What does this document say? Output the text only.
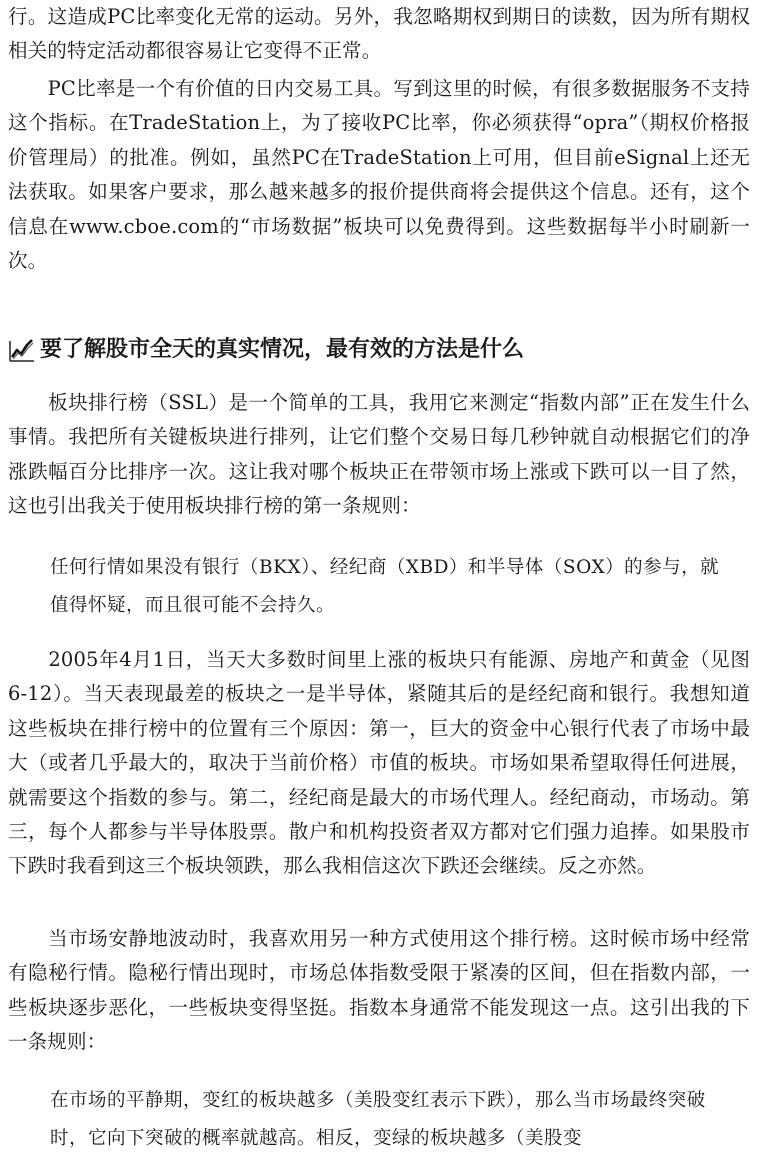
行。这造成PC比率变化无常的运动。另外，我忽略期权到期日的读数，因为所有期权相关的特定活动都很容易让它变得不正常。

　　PC比率是一个有价值的日内交易工具。写到这里的时候，有很多数据服务不支持这个指标。在TradeStation上，为了接收PC比率，你必须获得“opra”（期权价格报价管理局）的批准。例如，虽然PC在TradeStation上可用，但目前eSignal上还无法获取。如果客户要求，那么越来越多的报价提供商将会提供这个信息。还有，这个信息在www.cboe.com的“市场数据”板块可以免费得到。这些数据每半小时刷新一次。

要了解股市全天的真实情况，最有效的方法是什么

　　板块排行榜（SSL）是一个简单的工具，我用它来测定“指数内部”正在发生什么事情。我把所有关键板块进行排列，让它们整个交易日每几秒钟就自动根据它们的净涨跌幅百分比排序一次。这让我对哪个板块正在带领市场上涨或下跌可以一目了然，这也引出我关于使用板块排行榜的第一条规则：

任何行情如果没有银行（BKX）、经纪商（XBD）和半导体（SOX）的参与，就值得怀疑，而且很可能不会持久。

　　2005年4月1日，当天大多数时间里上涨的板块只有能源、房地产和黄金（见图6-12）。当天表现最差的板块之一是半导体，紧随其后的是经纪商和银行。我想知道这些板块在排行榜中的位置有三个原因：第一，巨大的资金中心银行代表了市场中最大（或者几乎最大的，取决于当前价格）市值的板块。市场如果希望取得任何进展，就需要这个指数的参与。第二，经纪商是最大的市场代理人。经纪商动，市场动。第三，每个人都参与半导体股票。散户和机构投资者双方都对它们强力追捧。如果股市下跌时我看到这三个板块领跌，那么我相信这次下跌还会继续。反之亦然。

　　当市场安静地波动时，我喜欢用另一种方式使用这个排行榜。这时候市场中经常有隐秘行情。隐秘行情出现时，市场总体指数受限于紧凑的区间，但在指数内部，一些板块逐步恶化，一些板块变得坚挺。指数本身通常不能发现这一点。这引出我的下一条规则：

在市场的平静期，变红的板块越多（美股变红表示下跌），那么当市场最终突破时，它向下突破的概率就越高。相反，变绿的板块越多（美股变
